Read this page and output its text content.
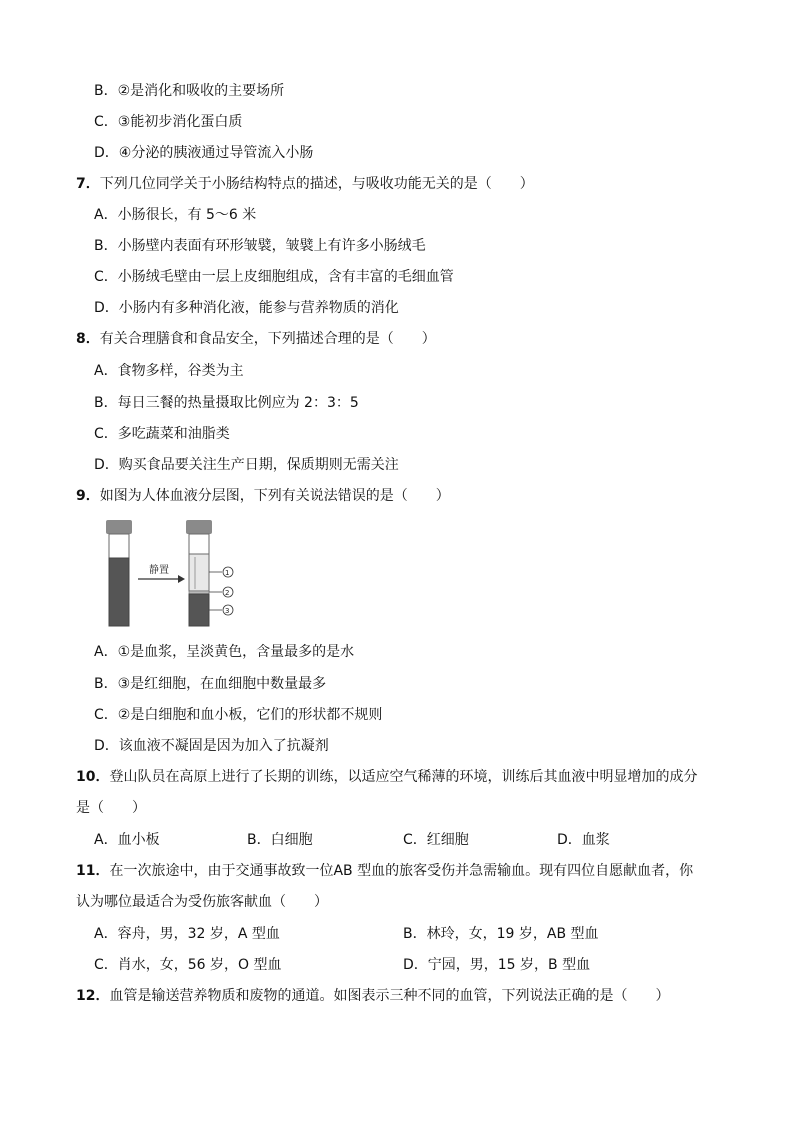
B．②是消化和吸收的主要场所
C．③能初步消化蛋白质
D．④分泌的胰液通过导管流入小肠
7．下列几位同学关于小肠结构特点的描述，与吸收功能无关的是（　　）
A．小肠很长，有 5～6 米
B．小肠壁内表面有环形皱襞，皱襞上有许多小肠绒毛
C．小肠绒毛壁由一层上皮细胞组成，含有丰富的毛细血管
D．小肠内有多种消化液，能参与营养物质的消化
8．有关合理膳食和食品安全，下列描述合理的是（　　）
A．食物多样，谷类为主
B．每日三餐的热量摄取比例应为 2：3：5
C．多吃蔬菜和油脂类
D．购买食品要关注生产日期，保质期则无需关注
9．如图为人体血液分层图，下列有关说法错误的是（　　）
静置	1
2
3
A．①是血浆，呈淡黄色，含量最多的是水
B．③是红细胞，在血细胞中数量最多
C．②是白细胞和血小板，它们的形状都不规则
D．该血液不凝固是因为加入了抗凝剂
10．登山队员在高原上进行了长期的训练，以适应空气稀薄的环境，训练后其血液中明显增加的成分
是（　　）
A．血小板	B．白细胞	C．红细胞	D．血浆
11．在一次旅途中，由于交通事故致一位AB 型血的旅客受伤并急需输血。现有四位自愿献血者，你
认为哪位最适合为受伤旅客献血（　　）
A．容舟，男，32 岁，A 型血	B．林玲，女，19 岁，AB 型血
C．肖水，女，56 岁，O 型血	D．宁园，男，15 岁，B 型血
12．血管是输送营养物质和废物的通道。如图表示三种不同的血管，下列说法正确的是（　　）
